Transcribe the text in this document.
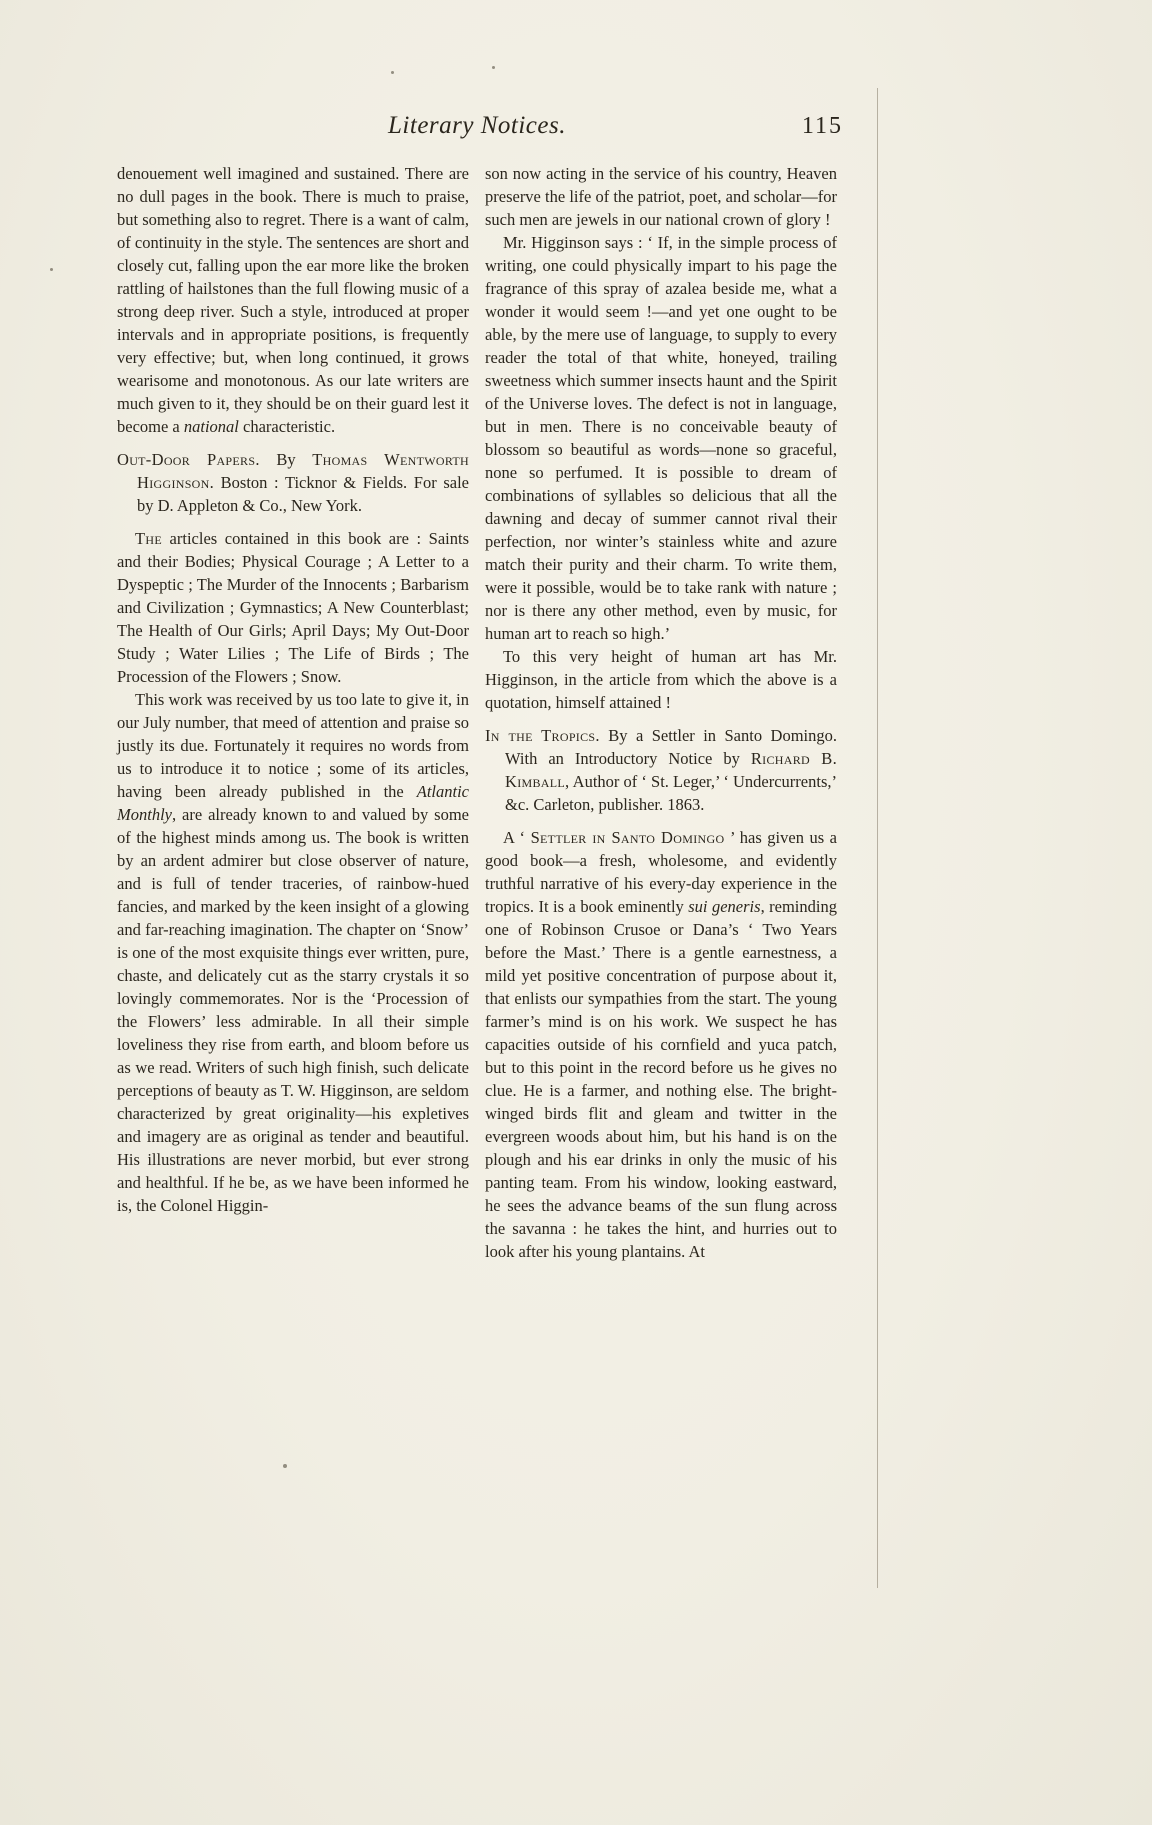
Literary Notices.	115

denouement well imagined and sustained. There are no dull pages in the book. There is much to praise, but something also to regret. There is a want of calm, of continuity in the style. The sentences are short and closely cut, falling upon the ear more like the broken rattling of hailstones than the full flowing music of a strong deep river. Such a style, introduced at proper intervals and in appropriate positions, is frequently very effective; but, when long continued, it grows wearisome and monotonous. As our late writers are much given to it, they should be on their guard lest it become a national characteristic.

Out-Door Papers. By Thomas Wentworth Higginson. Boston : Ticknor & Fields. For sale by D. Appleton & Co., New York.

The articles contained in this book are : Saints and their Bodies; Physical Courage ; A Letter to a Dyspeptic ; The Murder of the Innocents ; Barbarism and Civilization ; Gymnastics; A New Counterblast; The Health of Our Girls; April Days; My Out-Door Study ; Water Lilies ; The Life of Birds ; The Procession of the Flowers ; Snow.

This work was received by us too late to give it, in our July number, that meed of attention and praise so justly its due. Fortunately it requires no words from us to introduce it to notice ; some of its articles, having been already published in the Atlantic Monthly, are already known to and valued by some of the highest minds among us. The book is written by an ardent admirer but close observer of nature, and is full of tender traceries, of rainbow-hued fancies, and marked by the keen insight of a glowing and far-reaching imagination. The chapter on ‘Snow’ is one of the most exquisite things ever written, pure, chaste, and delicately cut as the starry crystals it so lovingly commemorates. Nor is the ‘Procession of the Flowers’ less admirable. In all their simple loveliness they rise from earth, and bloom before us as we read. Writers of such high finish, such delicate perceptions of beauty as T. W. Higginson, are seldom characterized by great originality—his expletives and imagery are as original as tender and beautiful. His illustrations are never morbid, but ever strong and healthful. If he be, as we have been informed he is, the Colonel Higgin-

son now acting in the service of his country, Heaven preserve the life of the patriot, poet, and scholar—for such men are jewels in our national crown of glory !

Mr. Higginson says : ‘ If, in the simple process of writing, one could physically impart to his page the fragrance of this spray of azalea beside me, what a wonder it would seem !—and yet one ought to be able, by the mere use of language, to supply to every reader the total of that white, honeyed, trailing sweetness which summer insects haunt and the Spirit of the Universe loves. The defect is not in language, but in men. There is no conceivable beauty of blossom so beautiful as words—none so graceful, none so perfumed. It is possible to dream of combinations of syllables so delicious that all the dawning and decay of summer cannot rival their perfection, nor winter’s stainless white and azure match their purity and their charm. To write them, were it possible, would be to take rank with nature ; nor is there any other method, even by music, for human art to reach so high.’

To this very height of human art has Mr. Higginson, in the article from which the above is a quotation, himself attained !

In the Tropics. By a Settler in Santo Domingo. With an Introductory Notice by Richard B. Kimball, Author of ‘ St. Leger,’ ‘ Undercurrents,’ &c. Carleton, publisher. 1863.

A ‘ Settler in Santo Domingo ’ has given us a good book—a fresh, wholesome, and evidently truthful narrative of his every-day experience in the tropics. It is a book eminently sui generis, reminding one of Robinson Crusoe or Dana’s ‘ Two Years before the Mast.’ There is a gentle earnestness, a mild yet positive concentration of purpose about it, that enlists our sympathies from the start. The young farmer’s mind is on his work. We suspect he has capacities outside of his cornfield and yuca patch, but to this point in the record before us he gives no clue. He is a farmer, and nothing else. The bright-winged birds flit and gleam and twitter in the evergreen woods about him, but his hand is on the plough and his ear drinks in only the music of his panting team. From his window, looking eastward, he sees the advance beams of the sun flung across the savanna : he takes the hint, and hurries out to look after his young plantains. At
